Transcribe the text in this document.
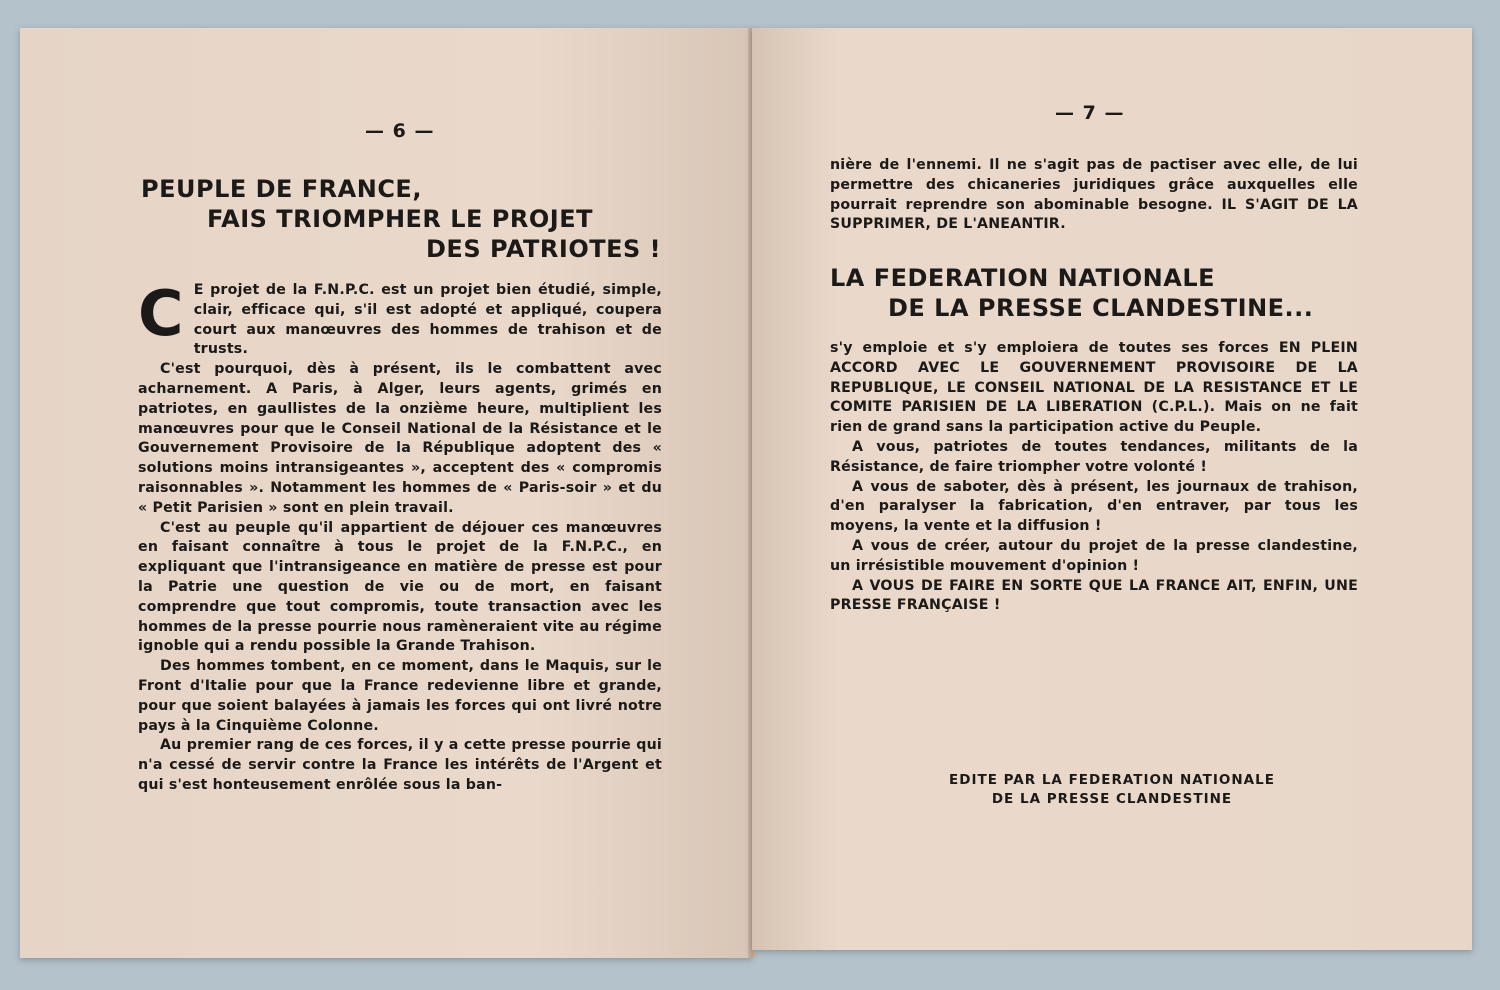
— 6 —
PEUPLE DE FRANCE,
FAIS TRIOMPHER LE PROJET
DES PATRIOTES !

C E projet de la F.N.P.C. est un projet bien étudié, simple, clair, efficace qui, s'il est adopté et appliqué, coupera court aux manœuvres des hommes de trahison et de trusts.

C'est pourquoi, dès à présent, ils le combattent avec acharnement. A Paris, à Alger, leurs agents, grimés en patriotes, en gaullistes de la onzième heure, multiplient les manœuvres pour que le Conseil National de la Résistance et le Gouvernement Provisoire de la République adoptent des « solutions moins intransigeantes », acceptent des « compromis raisonnables ». Notamment les hommes de « Paris-soir » et du « Petit Parisien » sont en plein travail.

C'est au peuple qu'il appartient de déjouer ces manœuvres en faisant connaître à tous le projet de la F.N.P.C., en expliquant que l'intransigeance en matière de presse est pour la Patrie une question de vie ou de mort, en faisant comprendre que tout compromis, toute transaction avec les hommes de la presse pourrie nous ramèneraient vite au régime ignoble qui a rendu possible la Grande Trahison.

Des hommes tombent, en ce moment, dans le Maquis, sur le Front d'Italie pour que la France redevienne libre et grande, pour que soient balayées à jamais les forces qui ont livré notre pays à la Cinquième Colonne.

Au premier rang de ces forces, il y a cette presse pourrie qui n'a cessé de servir contre la France les intérêts de l'Argent et qui s'est honteusement enrôlée sous la ban-

— 7 —

nière de l'ennemi. Il ne s'agit pas de pactiser avec elle, de lui permettre des chicaneries juridiques grâce auxquelles elle pourrait reprendre son abominable besogne. IL S'AGIT DE LA SUPPRIMER, DE L'ANEANTIR.

LA FEDERATION NATIONALE
DE LA PRESSE CLANDESTINE...

s'y emploie et s'y emploiera de toutes ses forces EN PLEIN ACCORD AVEC LE GOUVERNEMENT PROVISOIRE DE LA REPUBLIQUE, LE CONSEIL NATIONAL DE LA RESISTANCE ET LE COMITE PARISIEN DE LA LIBERATION (C.P.L.). Mais on ne fait rien de grand sans la participation active du Peuple.

A vous, patriotes de toutes tendances, militants de la Résistance, de faire triompher votre volonté !

A vous de saboter, dès à présent, les journaux de trahison, d'en paralyser la fabrication, d'en entraver, par tous les moyens, la vente et la diffusion !

A vous de créer, autour du projet de la presse clandestine, un irrésistible mouvement d'opinion !

A VOUS DE FAIRE EN SORTE QUE LA FRANCE AIT, ENFIN, UNE PRESSE FRANÇAISE !

EDITE PAR LA FEDERATION NATIONALE
DE LA PRESSE CLANDESTINE
